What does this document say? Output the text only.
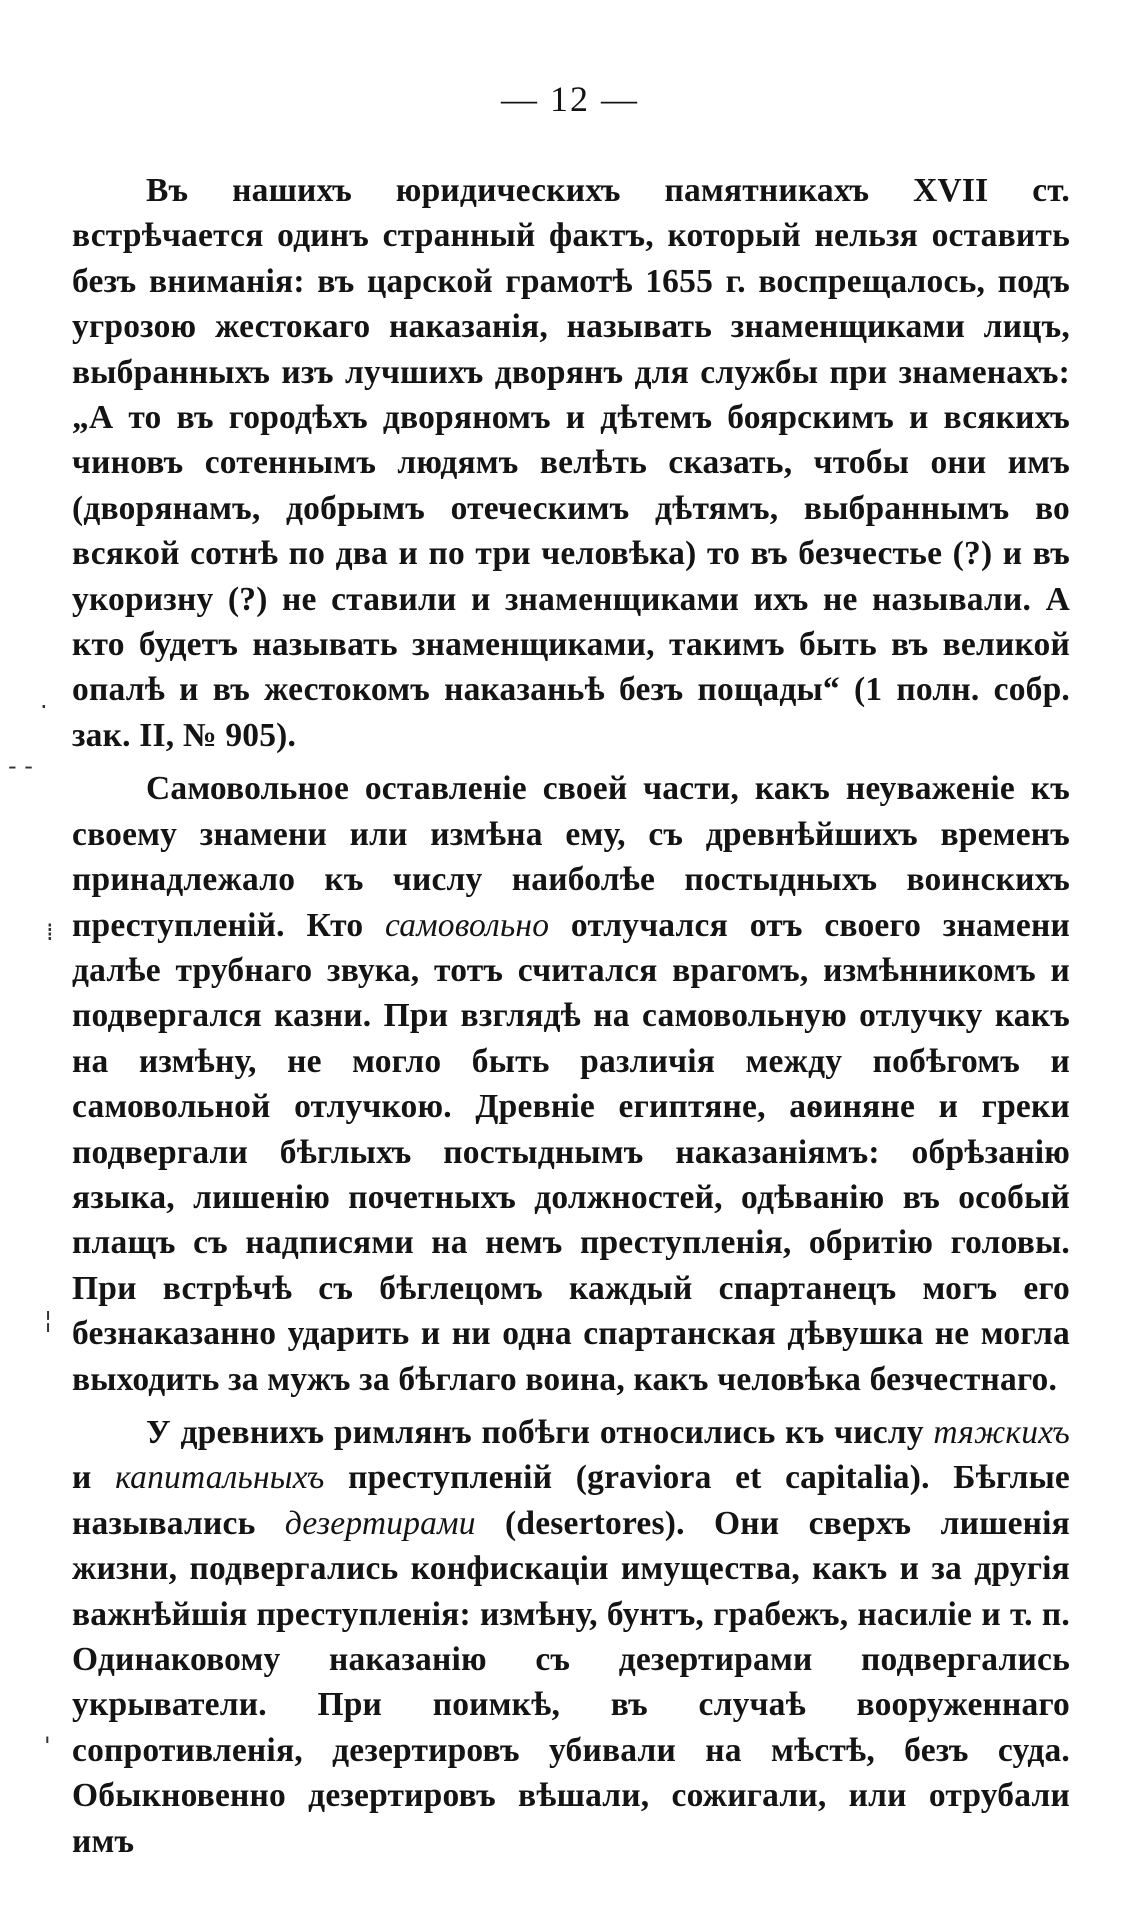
— 12 —

Въ нашихъ юридическихъ памятникахъ XVII ст. встрѣчается одинъ странный фактъ, который нельзя оставить безъ вниманія: въ царской грамотѣ 1655 г. воспрещалось, подъ угрозою жестокаго наказанія, называть знаменщиками лицъ, выбранныхъ изъ лучшихъ дворянъ для службы при знаменахъ: „А то въ городѣхъ дворяномъ и дѣтемъ боярскимъ и всякихъ чиновъ сотеннымъ людямъ велѣть сказать, чтобы они имъ (дворянамъ, добрымъ отеческимъ дѣтямъ, выбраннымъ во всякой сотнѣ по два и по три человѣка) то въ безчестье (?) и въ укоризну (?) не ставили и знаменщиками ихъ не называли. А кто будетъ называть знаменщиками, такимъ быть въ великой опалѣ и въ жестокомъ наказаньѣ безъ пощады“ (1 полн. собр. зак. II, № 905).

Самовольное оставленіе своей части, какъ неуваженіе къ своему знамени или измѣна ему, съ древнѣйшихъ временъ принадлежало къ числу наиболѣе постыдныхъ воинскихъ преступленій. Кто самовольно отлучался отъ своего знамени далѣе трубнаго звука, тотъ считался врагомъ, измѣнникомъ и подвергался казни. При взглядѣ на самовольную отлучку какъ на измѣну, не могло быть различія между побѣгомъ и самовольной отлучкою. Древніе египтяне, аѳиняне и греки подвергали бѣглыхъ постыднымъ наказаніямъ: обрѣзанію языка, лишенію почетныхъ должностей, одѣванію въ особый плащъ съ надписями на немъ преступленія, обритію головы. При встрѣчѣ съ бѣглецомъ каждый спартанецъ могъ его безнаказанно ударить и ни одна спартанская дѣвушка не могла выходить за мужъ за бѣглаго воина, какъ человѣка безчестнаго.

У древнихъ римлянъ побѣги относились къ числу тяжкихъ и капитальныхъ преступленій (graviora et capitalia). Бѣглые назывались дезертирами (desertores). Они сверхъ лишенія жизни, подвергались конфискаціи имущества, какъ и за другія важнѣйшія преступленія: измѣну, бунтъ, грабежъ, насиліе и т. п. Одинаковому наказанію съ дезертирами подвергались укрыватели. При поимкѣ, въ случаѣ вооруженнаго сопротивленія, дезертировъ убивали на мѣстѣ, безъ суда. Обыкновенно дезертировъ вѣшали, сожигали, или отрубали имъ

.
- -
⁞
¦
'
